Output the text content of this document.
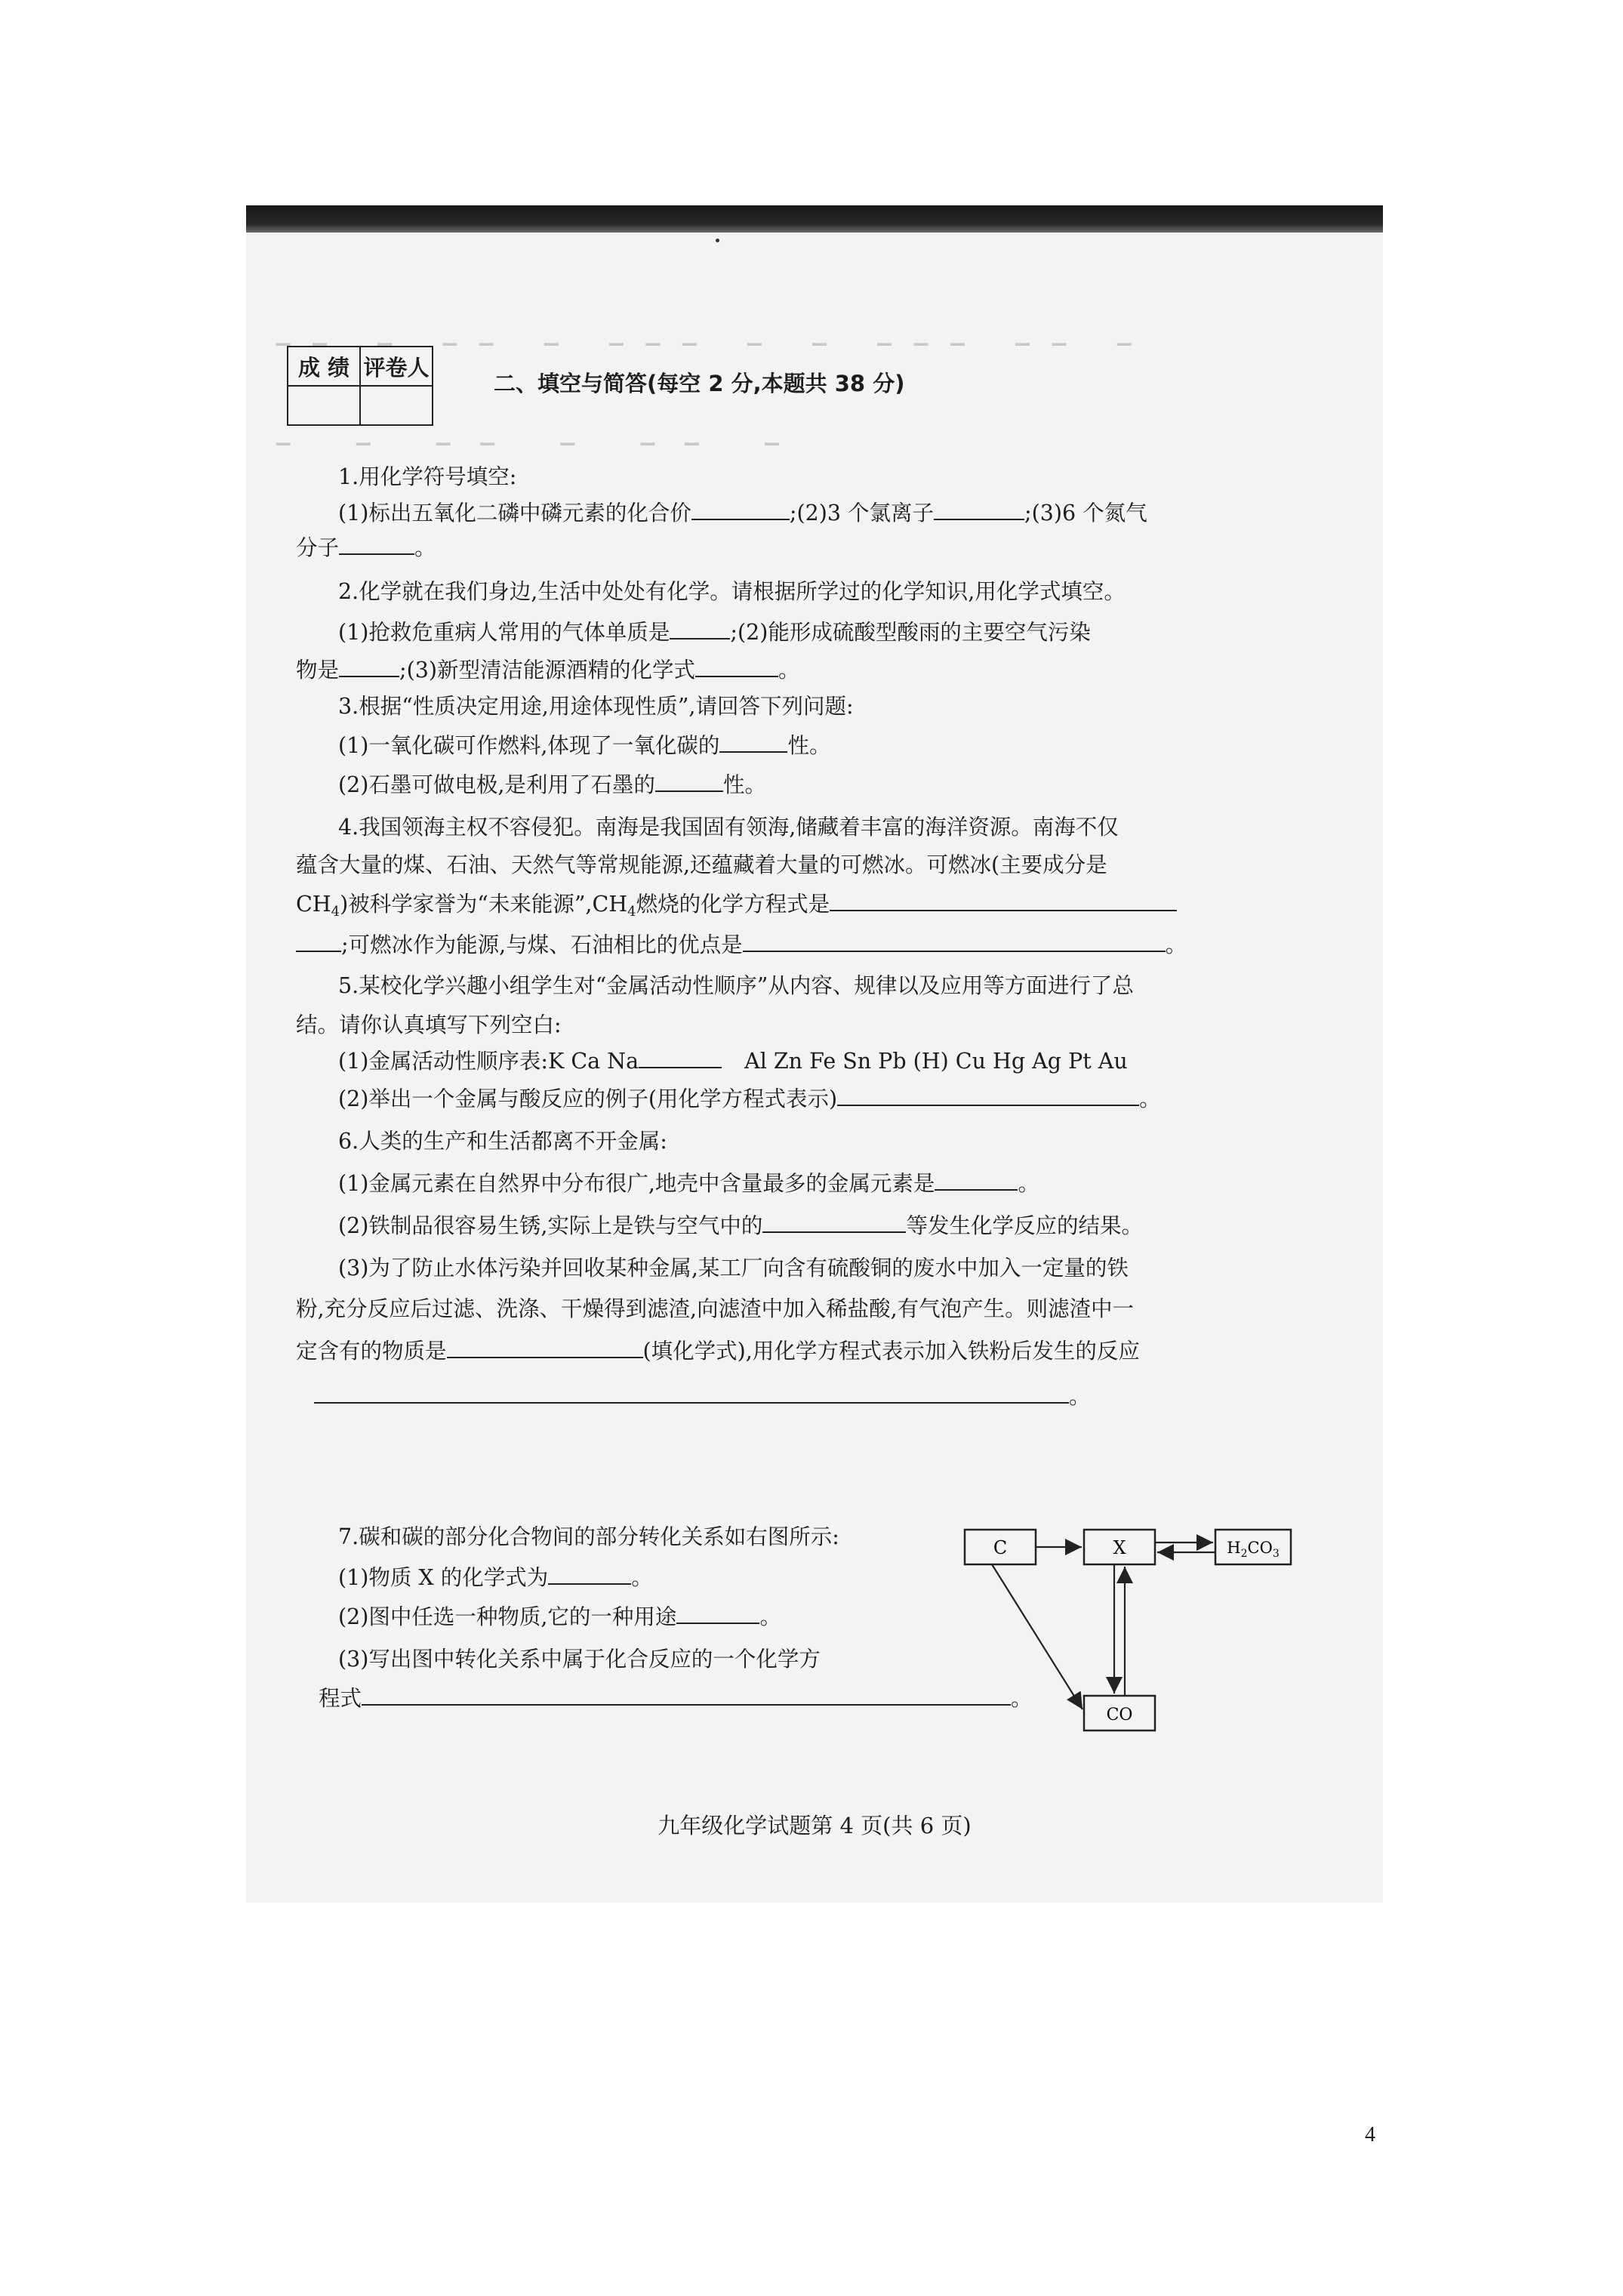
▁▁ ▁ ▁▁ ▁ ▁▁▁ ▁ ▁ ▁▁▁ ▁▁ ▁
▁ ▁ ▁▁ ▁ ▁▁ ▁
成 绩	评卷人

二、填空与简答(每空 2 分,本题共 38 分)
1.用化学符号填空:
(1)标出五氧化二磷中磷元素的化合价	;(2)3 个氯离子	;(3)6 个氮气
分子	。
2.化学就在我们身边,生活中处处有化学。请根据所学过的化学知识,用化学式填空。
(1)抢救危重病人常用的气体单质是	;(2)能形成硫酸型酸雨的主要空气污染
物是	;(3)新型清洁能源酒精的化学式	。
3.根据“性质决定用途,用途体现性质”,请回答下列问题:
(1)一氧化碳可作燃料,体现了一氧化碳的	性。
(2)石墨可做电极,是利用了石墨的	性。
4.我国领海主权不容侵犯。南海是我国固有领海,储藏着丰富的海洋资源。南海不仅
蕴含大量的煤、石油、天然气等常规能源,还蕴藏着大量的可燃冰。可燃冰(主要成分是
$CH_4$)被科学家誉为“未来能源$”,CH_4$燃烧的化学方程式是
;可燃冰作为能源,与煤、石油相比的优点是	。
5.某校化学兴趣小组学生对“金属活动性顺序”从内容、规律以及应用等方面进行了总
结。请你认真填写下列空白:
(1)金属活动性顺序表:K Ca Na	Al Zn Fe Sn Pb (H) Cu Hg Ag Pt Au
(2)举出一个金属与酸反应的例子(用化学方程式表示)	。
6.人类的生产和生活都离不开金属:
(1)金属元素在自然界中分布很广,地壳中含量最多的金属元素是	。
(2)铁制品很容易生锈,实际上是铁与空气中的	等发生化学反应的结果。
(3)为了防止水体污染并回收某种金属,某工厂向含有硫酸铜的废水中加入一定量的铁
粉,充分反应后过滤、洗涤、干燥得到滤渣,向滤渣中加入稀盐酸,有气泡产生。则滤渣中一
定含有的物质是	(填化学式),用化学方程式表示加入铁粉后发生的反应
。
7.碳和碳的部分化合物间的部分转化关系如右图所示:
(1)物质 X 的化学式为	。
(2)图中任选一种物质,它的一种用途	。
(3)写出图中转化关系中属于化合反应的一个化学方
程式	。
C	X	$H_2CO_3$
CO
九年级化学试题第 4 页(共 6 页)
4
